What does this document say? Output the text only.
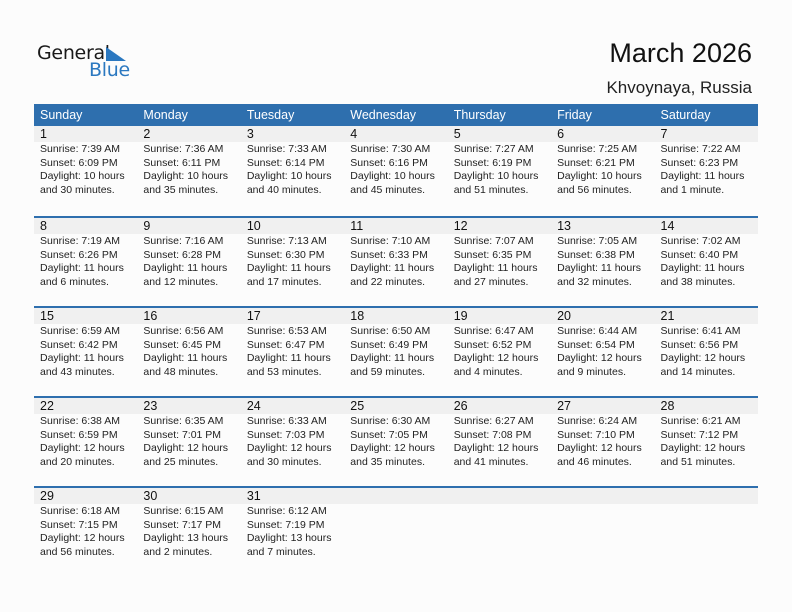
General
Blue
March 2026
Khvoynaya, Russia
Sunday	Monday	Tuesday	Wednesday	Thursday	Friday	Saturday
1	2	3	4	5	6	7
Sunrise: 7:39 AM
Sunset: 6:09 PM
Daylight: 10 hours
and 30 minutes.
Sunrise: 7:36 AM
Sunset: 6:11 PM
Daylight: 10 hours
and 35 minutes.
Sunrise: 7:33 AM
Sunset: 6:14 PM
Daylight: 10 hours
and 40 minutes.
Sunrise: 7:30 AM
Sunset: 6:16 PM
Daylight: 10 hours
and 45 minutes.
Sunrise: 7:27 AM
Sunset: 6:19 PM
Daylight: 10 hours
and 51 minutes.
Sunrise: 7:25 AM
Sunset: 6:21 PM
Daylight: 10 hours
and 56 minutes.
Sunrise: 7:22 AM
Sunset: 6:23 PM
Daylight: 11 hours
and 1 minute.
8	9	10	11	12	13	14
Sunrise: 7:19 AM
Sunset: 6:26 PM
Daylight: 11 hours
and 6 minutes.
Sunrise: 7:16 AM
Sunset: 6:28 PM
Daylight: 11 hours
and 12 minutes.
Sunrise: 7:13 AM
Sunset: 6:30 PM
Daylight: 11 hours
and 17 minutes.
Sunrise: 7:10 AM
Sunset: 6:33 PM
Daylight: 11 hours
and 22 minutes.
Sunrise: 7:07 AM
Sunset: 6:35 PM
Daylight: 11 hours
and 27 minutes.
Sunrise: 7:05 AM
Sunset: 6:38 PM
Daylight: 11 hours
and 32 minutes.
Sunrise: 7:02 AM
Sunset: 6:40 PM
Daylight: 11 hours
and 38 minutes.
15	16	17	18	19	20	21
Sunrise: 6:59 AM
Sunset: 6:42 PM
Daylight: 11 hours
and 43 minutes.
Sunrise: 6:56 AM
Sunset: 6:45 PM
Daylight: 11 hours
and 48 minutes.
Sunrise: 6:53 AM
Sunset: 6:47 PM
Daylight: 11 hours
and 53 minutes.
Sunrise: 6:50 AM
Sunset: 6:49 PM
Daylight: 11 hours
and 59 minutes.
Sunrise: 6:47 AM
Sunset: 6:52 PM
Daylight: 12 hours
and 4 minutes.
Sunrise: 6:44 AM
Sunset: 6:54 PM
Daylight: 12 hours
and 9 minutes.
Sunrise: 6:41 AM
Sunset: 6:56 PM
Daylight: 12 hours
and 14 minutes.
22	23	24	25	26	27	28
Sunrise: 6:38 AM
Sunset: 6:59 PM
Daylight: 12 hours
and 20 minutes.
Sunrise: 6:35 AM
Sunset: 7:01 PM
Daylight: 12 hours
and 25 minutes.
Sunrise: 6:33 AM
Sunset: 7:03 PM
Daylight: 12 hours
and 30 minutes.
Sunrise: 6:30 AM
Sunset: 7:05 PM
Daylight: 12 hours
and 35 minutes.
Sunrise: 6:27 AM
Sunset: 7:08 PM
Daylight: 12 hours
and 41 minutes.
Sunrise: 6:24 AM
Sunset: 7:10 PM
Daylight: 12 hours
and 46 minutes.
Sunrise: 6:21 AM
Sunset: 7:12 PM
Daylight: 12 hours
and 51 minutes.
29	30	31
Sunrise: 6:18 AM
Sunset: 7:15 PM
Daylight: 12 hours
and 56 minutes.
Sunrise: 6:15 AM
Sunset: 7:17 PM
Daylight: 13 hours
and 2 minutes.
Sunrise: 6:12 AM
Sunset: 7:19 PM
Daylight: 13 hours
and 7 minutes.
